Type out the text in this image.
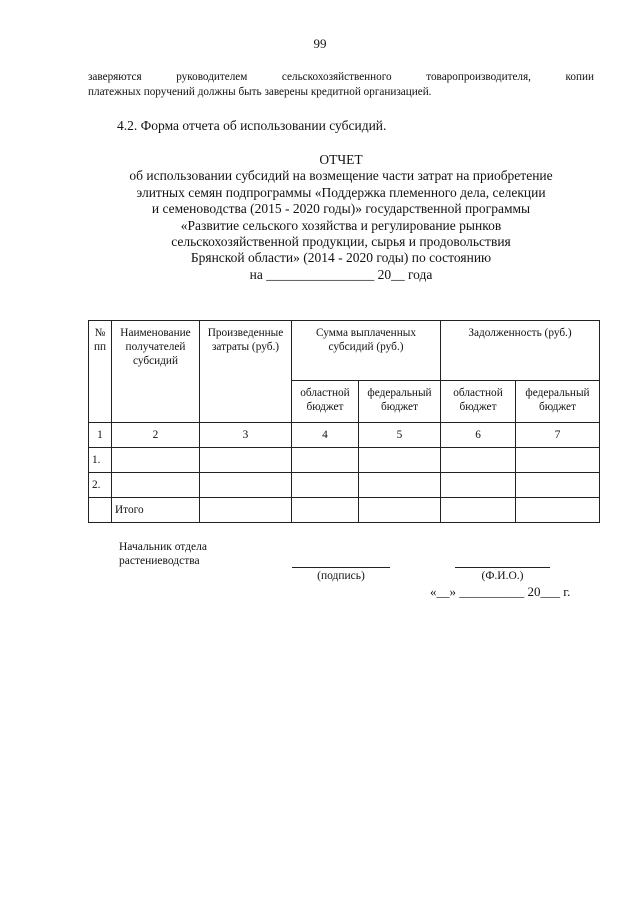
99
заверяются	руководителем	сельскохозяйственного	товаропроизводителя,	копии
платежных поручений должны быть заверены кредитной организацией.
4.2. Форма отчета об использовании субсидий.
ОТЧЕТ
об использовании субсидий на возмещение части затрат на приобретение
элитных семян подпрограммы «Поддержка племенного дела, селекции
и семеноводства (2015 - 2020 годы)» государственной программы
«Развитие сельского хозяйства и регулирование рынков
сельскохозяйственной продукции, сырья и продовольствия
Брянской области» (2014 - 2020 годы) по состоянию
на ________________ 20__ года
№ пп	Наименование получателей субсидий	Произведенные затраты (руб.)	Сумма выплаченных субсидий (руб.)		Задолженность (руб.)	
			областной бюджет	федеральный бюджет	областной бюджет	федеральный бюджет
1	2	3	4	5	6	7
1.						
2.						
	Итого					
Начальник отдела
растениеводства
(подпись)	(Ф.И.О.)
«__» __________ 20___ г.
